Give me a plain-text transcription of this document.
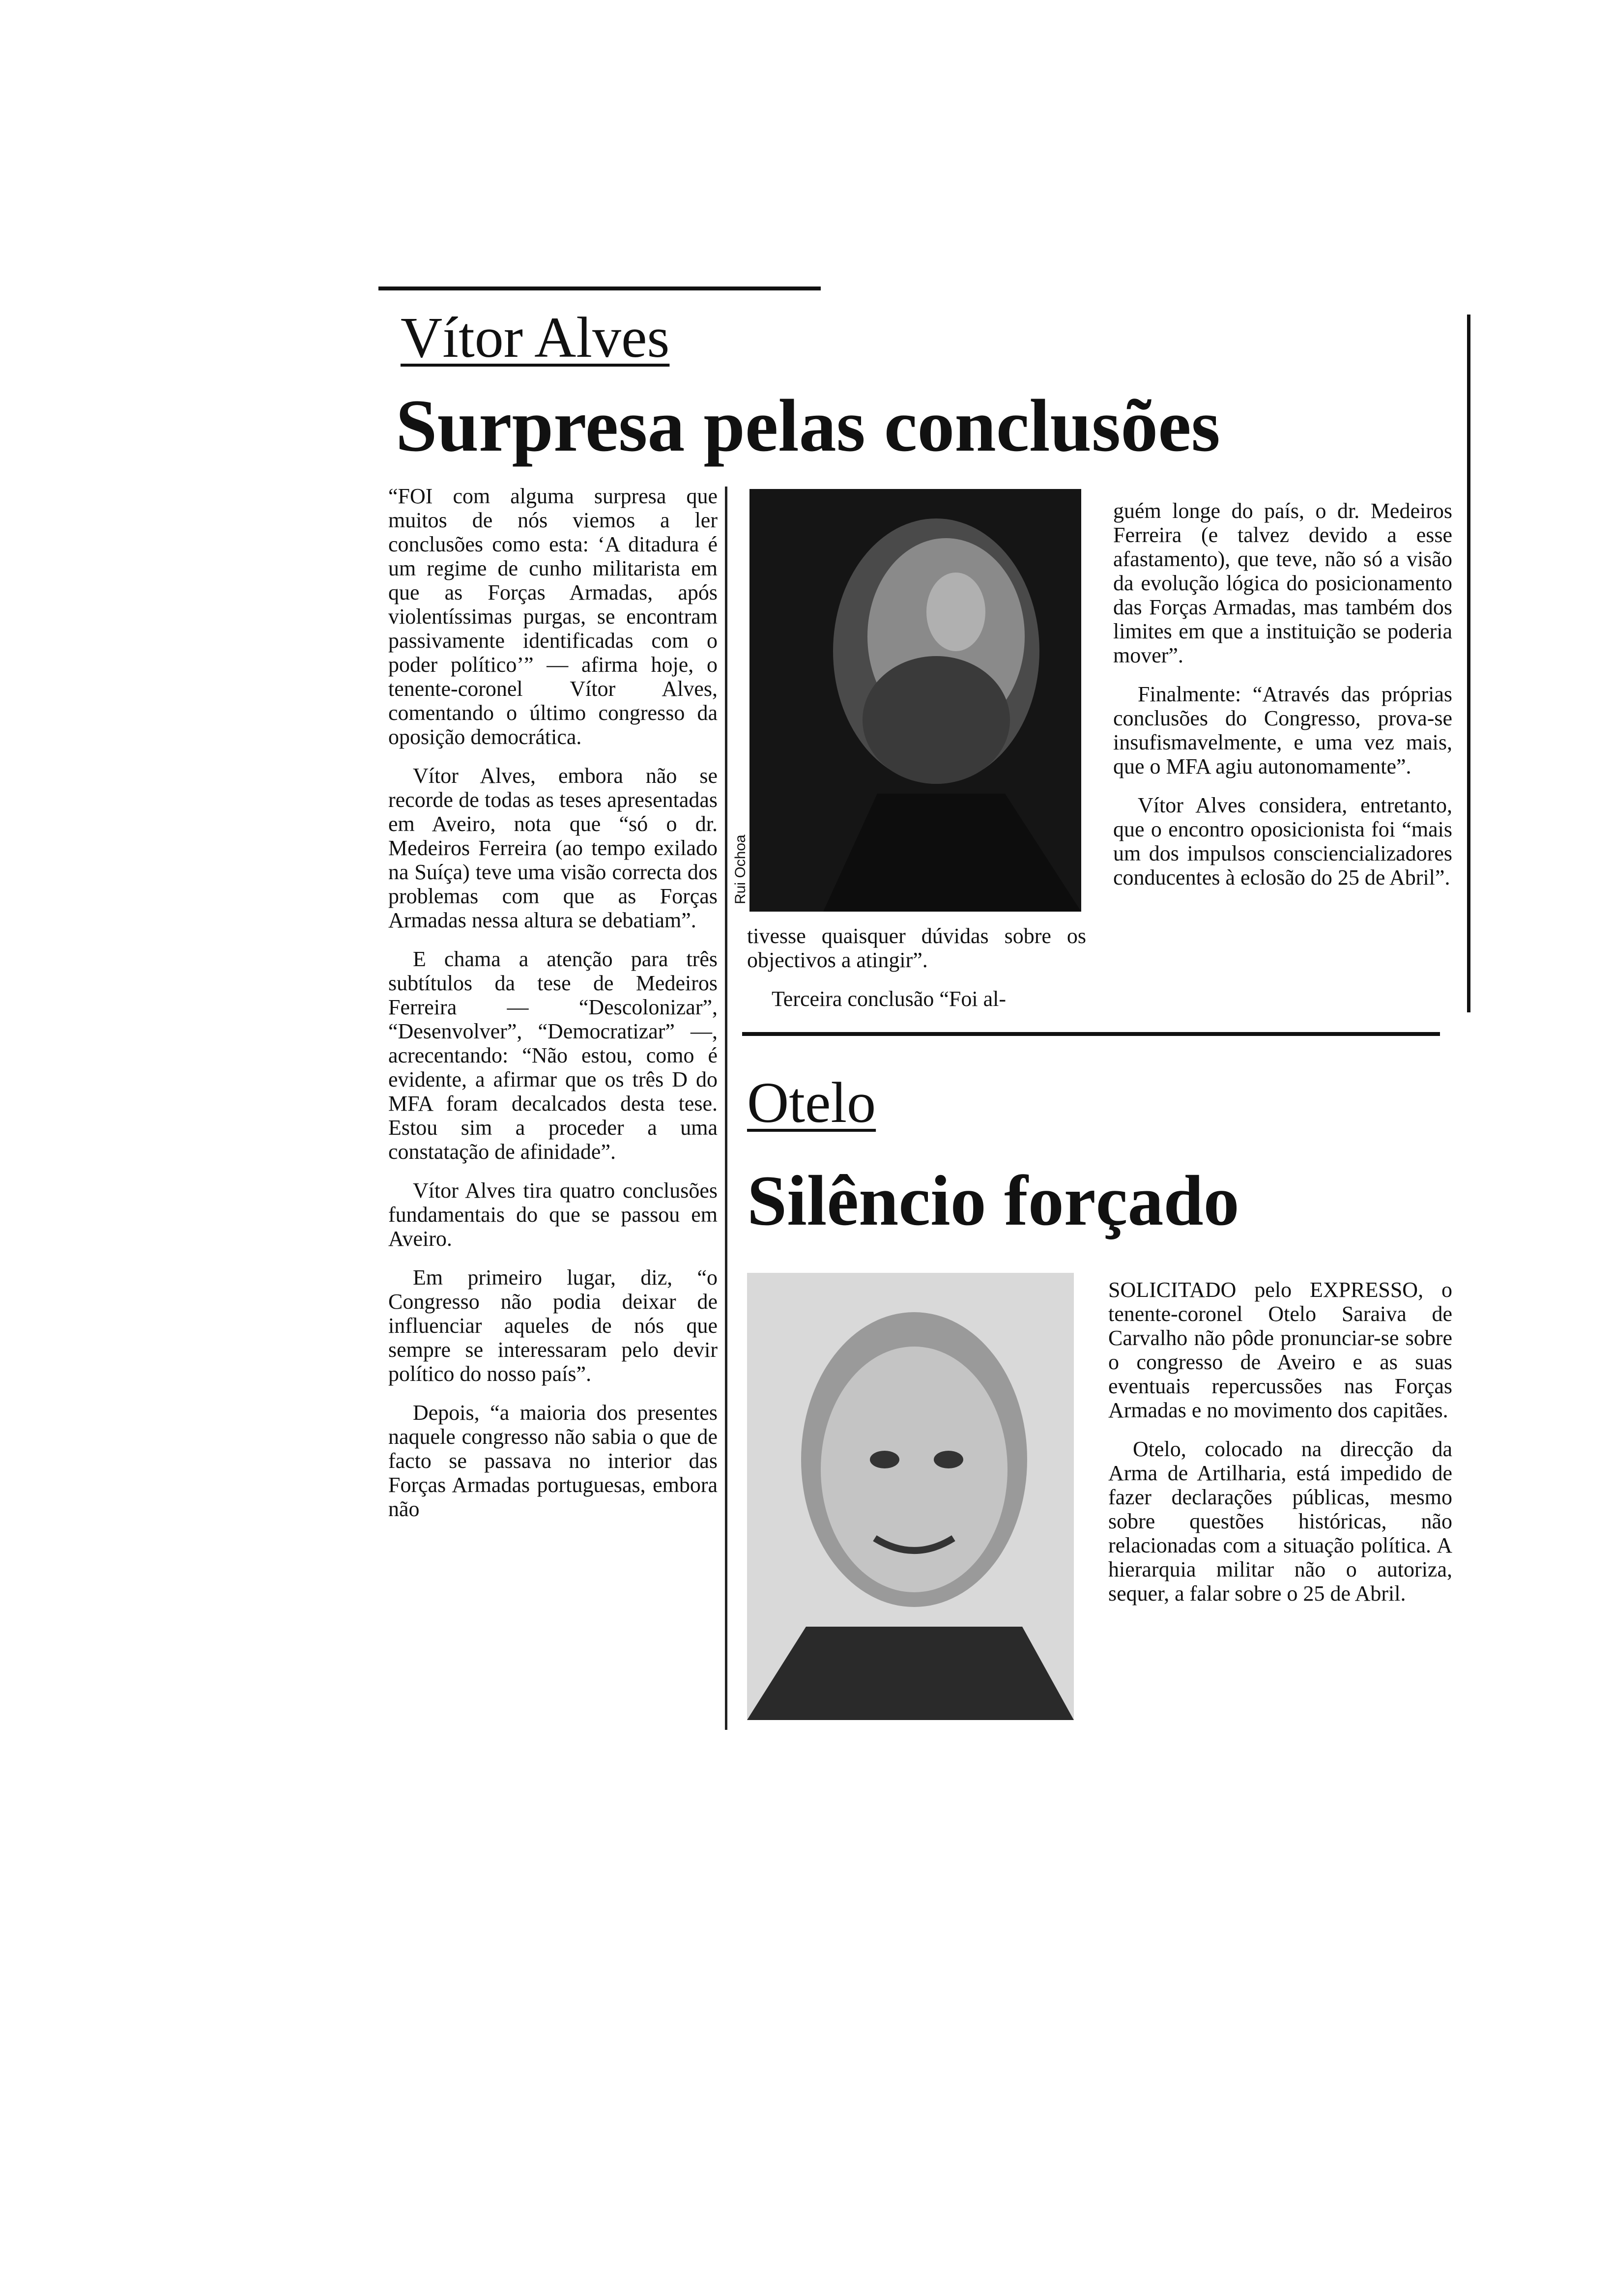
Vítor Alves
Surpresa pelas conclusões

“FOI com alguma surpresa que muitos de nós viemos a ler conclusões como esta: ‘A ditadura é um regime de cunho militarista em que as Forças Armadas, após violentíssimas purgas, se encontram passivamente identificadas com o poder político’” — afirma hoje, o tenente-coronel Vítor Alves, comentando o último congresso da oposição democrática.

Vítor Alves, embora não se recorde de todas as teses apresentadas em Aveiro, nota que “só o dr. Medeiros Ferreira (ao tempo exilado na Suíça) teve uma visão correcta dos problemas com que as Forças Armadas nessa altura se debatiam”.

E chama a atenção para três subtítulos da tese de Medeiros Ferreira — “Descolonizar”, “Desenvolver”, “Democratizar” —, acrecentando: “Não estou, como é evidente, a afirmar que os três D do MFA foram decalcados desta tese. Estou sim a proceder a uma constatação de afinidade”.

Vítor Alves tira quatro conclusões fundamentais do que se passou em Aveiro.

Em primeiro lugar, diz, “o Congresso não podia deixar de influenciar aqueles de nós que sempre se interessaram pelo devir político do nosso país”.

Depois, “a maioria dos presentes naquele congresso não sabia o que de facto se passava no interior das Forças Armadas portuguesas, embora não

Rui Ochoa

tivesse quaisquer dúvidas sobre os objectivos a atingir”.

Terceira conclusão “Foi al-

guém longe do país, o dr. Medeiros Ferreira (e talvez devido a esse afastamento), que teve, não só a visão da evolução lógica do posicionamento das Forças Armadas, mas também dos limites em que a instituição se poderia mover”.

Finalmente: “Através das próprias conclusões do Congresso, prova-se insufismavelmente, e uma vez mais, que o MFA agiu autonomamente”.

Vítor Alves considera, entretanto, que o encontro oposicionista foi “mais um dos impulsos consciencializadores conducentes à eclosão do 25 de Abril”.

Otelo
Silêncio forçado

SOLICITADO pelo EXPRESSO, o tenente-coronel Otelo Saraiva de Carvalho não pôde pronunciar-se sobre o congresso de Aveiro e as suas eventuais repercussões nas Forças Armadas e no movimento dos capitães.

Otelo, colocado na direcção da Arma de Artilharia, está impedido de fazer declarações públicas, mesmo sobre questões históricas, não relacionadas com a situação política. A hierarquia militar não o autoriza, sequer, a falar sobre o 25 de Abril.
